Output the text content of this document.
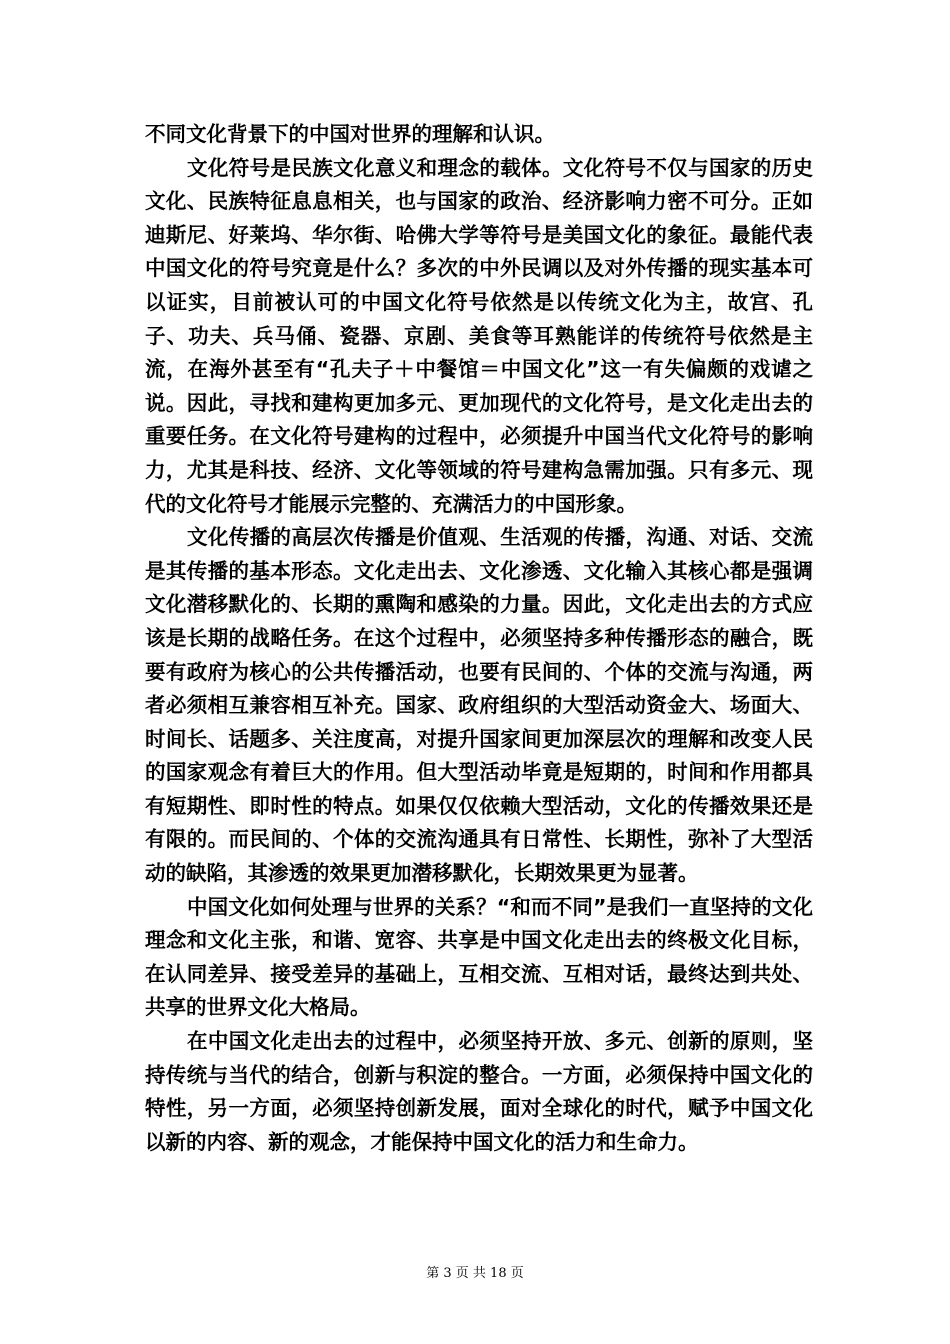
不同文化背景下的中国对世界的理解和认识。

文化符号是民族文化意义和理念的载体。文化符号不仅与国家的历史文化、民族特征息息相关，也与国家的政治、经济影响力密不可分。正如迪斯尼、好莱坞、华尔街、哈佛大学等符号是美国文化的象征。最能代表中国文化的符号究竟是什么？多次的中外民调以及对外传播的现实基本可以证实，目前被认可的中国文化符号依然是以传统文化为主，故宫、孔子、功夫、兵马俑、瓷器、京剧、美食等耳熟能详的传统符号依然是主流，在海外甚至有“孔夫子＋中餐馆＝中国文化”这一有失偏颇的戏谑之说。因此，寻找和建构更加多元、更加现代的文化符号，是文化走出去的重要任务。在文化符号建构的过程中，必须提升中国当代文化符号的影响力，尤其是科技、经济、文化等领域的符号建构急需加强。只有多元、现代的文化符号才能展示完整的、充满活力的中国形象。

文化传播的高层次传播是价值观、生活观的传播，沟通、对话、交流是其传播的基本形态。文化走出去、文化渗透、文化输入其核心都是强调文化潜移默化的、长期的熏陶和感染的力量。因此，文化走出去的方式应该是长期的战略任务。在这个过程中，必须坚持多种传播形态的融合，既要有政府为核心的公共传播活动，也要有民间的、个体的交流与沟通，两者必须相互兼容相互补充。国家、政府组织的大型活动资金大、场面大、时间长、话题多、关注度高，对提升国家间更加深层次的理解和改变人民的国家观念有着巨大的作用。但大型活动毕竟是短期的，时间和作用都具有短期性、即时性的特点。如果仅仅依赖大型活动，文化的传播效果还是有限的。而民间的、个体的交流沟通具有日常性、长期性，弥补了大型活动的缺陷，其渗透的效果更加潜移默化，长期效果更为显著。

中国文化如何处理与世界的关系？“和而不同”是我们一直坚持的文化理念和文化主张，和谐、宽容、共享是中国文化走出去的终极文化目标，在认同差异、接受差异的基础上，互相交流、互相对话，最终达到共处、共享的世界文化大格局。

在中国文化走出去的过程中，必须坚持开放、多元、创新的原则，坚持传统与当代的结合，创新与积淀的整合。一方面，必须保持中国文化的特性，另一方面，必须坚持创新发展，面对全球化的时代，赋予中国文化以新的内容、新的观念，才能保持中国文化的活力和生命力。

第 3 页 共 18 页
